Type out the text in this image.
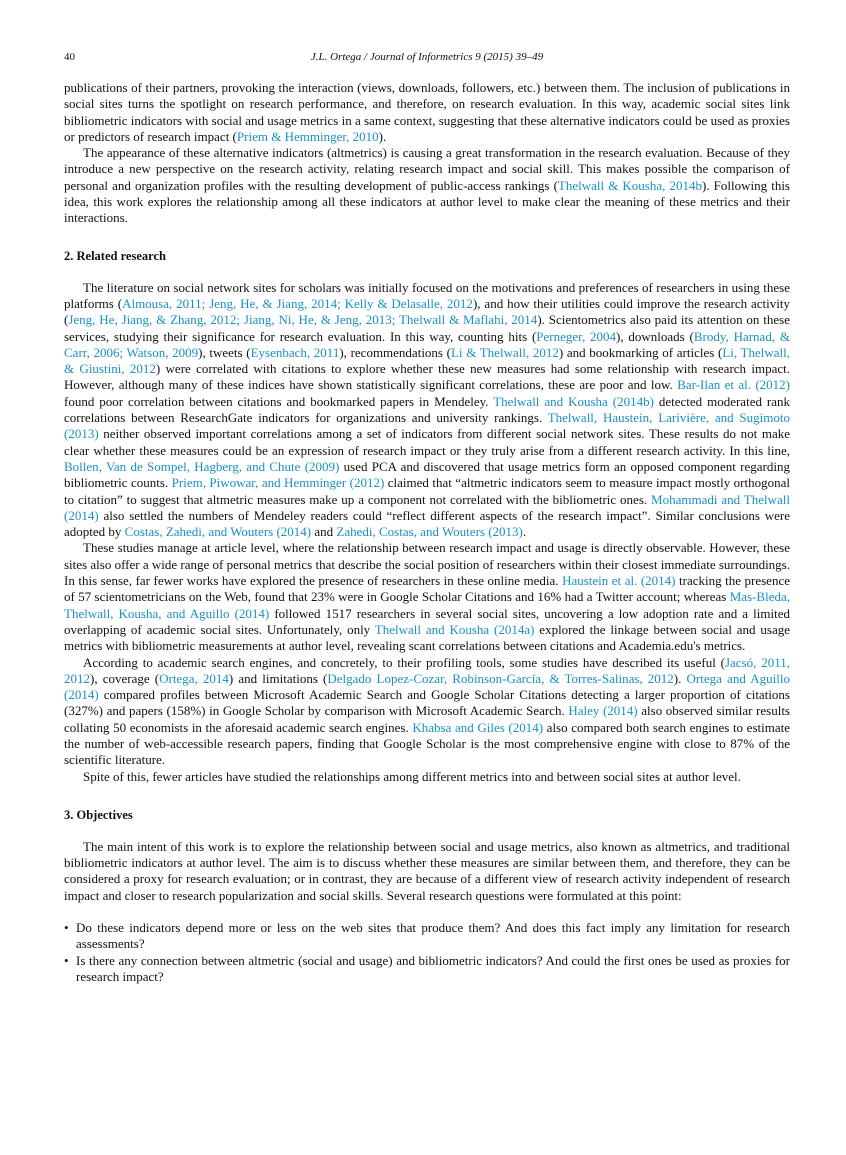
40	J.L. Ortega / Journal of Informetrics 9 (2015) 39–49

publications of their partners, provoking the interaction (views, downloads, followers, etc.) between them. The inclusion of publications in social sites turns the spotlight on research performance, and therefore, on research evaluation. In this way, academic social sites link bibliometric indicators with social and usage metrics in a same context, suggesting that these alternative indicators could be used as proxies or predictors of research impact (Priem & Hemminger, 2010).

The appearance of these alternative indicators (altmetrics) is causing a great transformation in the research evaluation. Because of they introduce a new perspective on the research activity, relating research impact and social skill. This makes possible the comparison of personal and organization profiles with the resulting development of public-access rankings (Thelwall & Kousha, 2014b). Following this idea, this work explores the relationship among all these indicators at author level to make clear the meaning of these metrics and their interactions.

2. Related research

The literature on social network sites for scholars was initially focused on the motivations and preferences of researchers in using these platforms (Almousa, 2011; Jeng, He, & Jiang, 2014; Kelly & Delasalle, 2012), and how their utilities could improve the research activity (Jeng, He, Jiang, & Zhang, 2012; Jiang, Ni, He, & Jeng, 2013; Thelwall & Maflahi, 2014). Scientometrics also paid its attention on these services, studying their significance for research evaluation. In this way, counting hits (Perneger, 2004), downloads (Brody, Harnad, & Carr, 2006; Watson, 2009), tweets (Eysenbach, 2011), recommendations (Li & Thelwall, 2012) and bookmarking of articles (Li, Thelwall, & Giustini, 2012) were correlated with citations to explore whether these new measures had some relationship with research impact. However, although many of these indices have shown statistically significant correlations, these are poor and low. Bar-Ilan et al. (2012) found poor correlation between citations and bookmarked papers in Mendeley. Thelwall and Kousha (2014b) detected moderated rank correlations between ResearchGate indicators for organizations and university rankings. Thelwall, Haustein, Larivière, and Sugimoto (2013) neither observed important correlations among a set of indicators from different social network sites. These results do not make clear whether these measures could be an expression of research impact or they truly arise from a different research activity. In this line, Bollen, Van de Sompel, Hagberg, and Chute (2009) used PCA and discovered that usage metrics form an opposed component regarding bibliometric counts. Priem, Piwowar, and Hemminger (2012) claimed that “altmetric indicators seem to measure impact mostly orthogonal to citation” to suggest that altmetric measures make up a component not correlated with the bibliometric ones. Mohammadi and Thelwall (2014) also settled the numbers of Mendeley readers could “reflect different aspects of the research impact”. Similar conclusions were adopted by Costas, Zahedi, and Wouters (2014) and Zahedi, Costas, and Wouters (2013).

These studies manage at article level, where the relationship between research impact and usage is directly observable. However, these sites also offer a wide range of personal metrics that describe the social position of researchers within their closest immediate surroundings. In this sense, far fewer works have explored the presence of researchers in these online media. Haustein et al. (2014) tracking the presence of 57 scientometricians on the Web, found that 23% were in Google Scholar Citations and 16% had a Twitter account; whereas Mas-Bleda, Thelwall, Kousha, and Aguillo (2014) followed 1517 researchers in several social sites, uncovering a low adoption rate and a limited overlapping of academic social sites. Unfortunately, only Thelwall and Kousha (2014a) explored the linkage between social and usage metrics with bibliometric measurements at author level, revealing scant correlations between citations and Academia.edu's metrics.

According to academic search engines, and concretely, to their profiling tools, some studies have described its useful (Jacsó, 2011, 2012), coverage (Ortega, 2014) and limitations (Delgado Lopez-Cozar, Robinson-García, & Torres-Salinas, 2012). Ortega and Aguillo (2014) compared profiles between Microsoft Academic Search and Google Scholar Citations detecting a larger proportion of citations (327%) and papers (158%) in Google Scholar by comparison with Microsoft Academic Search. Haley (2014) also observed similar results collating 50 economists in the aforesaid academic search engines. Khabsa and Giles (2014) also compared both search engines to estimate the number of web-accessible research papers, finding that Google Scholar is the most comprehensive engine with close to 87% of the scientific literature.

Spite of this, fewer articles have studied the relationships among different metrics into and between social sites at author level.

3. Objectives

The main intent of this work is to explore the relationship between social and usage metrics, also known as altmetrics, and traditional bibliometric indicators at author level. The aim is to discuss whether these measures are similar between them, and therefore, they can be considered a proxy for research evaluation; or in contrast, they are because of a different view of research activity independent of research impact and closer to research popularization and social skills. Several research questions were formulated at this point:

• Do these indicators depend more or less on the web sites that produce them? And does this fact imply any limitation for research assessments?
• Is there any connection between altmetric (social and usage) and bibliometric indicators? And could the first ones be used as proxies for research impact?
